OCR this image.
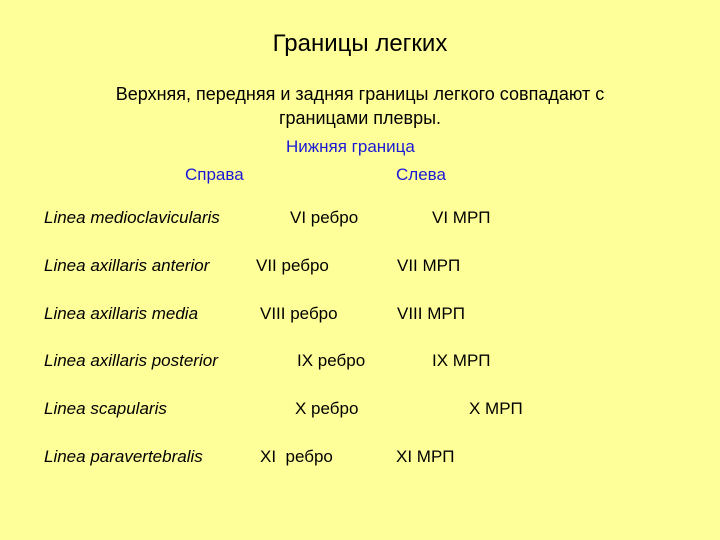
Границы легких
Верхняя, передняя и задняя границы легкого совпадают с
границами плевры.
Нижняя граница
Справа	Слева
Linea medioclavicularis	VI ребро	VI МРП
Linea axillaris anterior	VII ребро	VII МРП
Linea axillaris media	VIII ребро	VIII МРП
Linea axillaris posterior	IX ребро	IX МРП
Linea scapularis	X ребро	X МРП
Linea paravertebralis	XI  ребро	XI МРП
